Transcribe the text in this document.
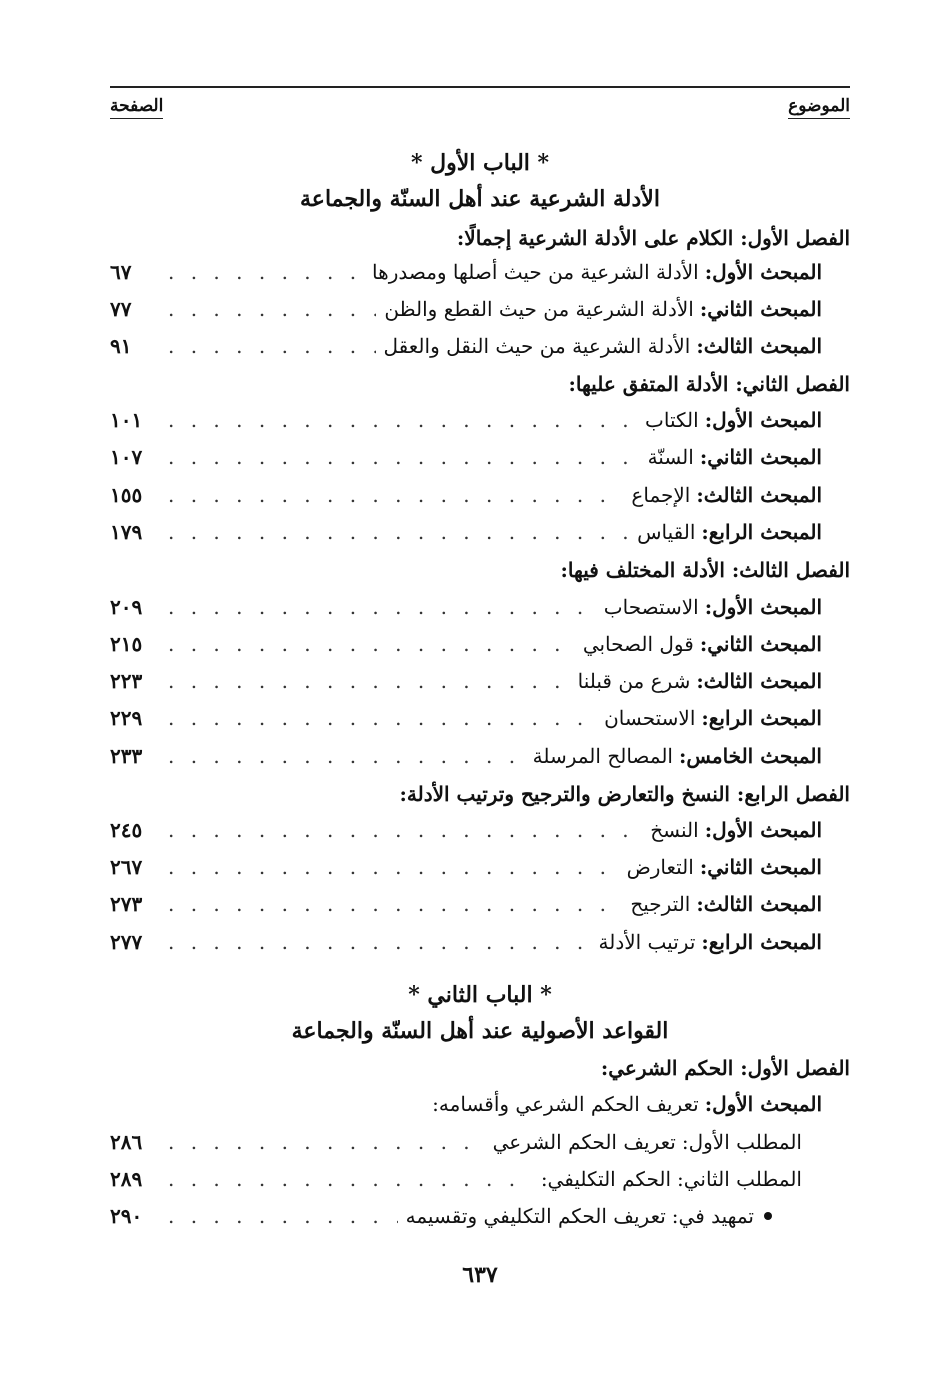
الموضوع
الصفحة
* الباب الأول *
الأدلة الشرعية عند أهل السنّة والجماعة
الفصل الأول: الكلام على الأدلة الشرعية إجمالًا:
المبحث الأول:
الأدلة الشرعية من حيث أصلها ومصدرها
. . .
٦٧
المبحث الثاني:
الأدلة الشرعية من حيث القطع والظن
. . .
٧٧
المبحث الثالث:
الأدلة الشرعية من حيث النقل والعقل
. . .
٩١
الفصل الثاني: الأدلة المتفق عليها:
المبحث الأول:
الكتاب
. . .
١٠١
المبحث الثاني:
السنّة
. . .
١٠٧
المبحث الثالث:
الإجماع
. . .
١٥٥
المبحث الرابع:
القياس
. . .
١٧٩
الفصل الثالث: الأدلة المختلف فيها:
المبحث الأول:
الاستصحاب
. . .
٢٠٩
المبحث الثاني:
قول الصحابي
. . .
٢١٥
المبحث الثالث:
شرع من قبلنا
. . .
٢٢٣
المبحث الرابع:
الاستحسان
. . .
٢٢٩
المبحث الخامس:
المصالح المرسلة
. . .
٢٣٣
الفصل الرابع: النسخ والتعارض والترجيح وترتيب الأدلة:
المبحث الأول:
النسخ
. . .
٢٤٥
المبحث الثاني:
التعارض
. . .
٢٦٧
المبحث الثالث:
الترجيح
. . .
٢٧٣
المبحث الرابع:
ترتيب الأدلة
. . .
٢٧٧
* الباب الثاني *
القواعد الأصولية عند أهل السنّة والجماعة
الفصل الأول: الحكم الشرعي:
المبحث الأول:
تعريف الحكم الشرعي وأقسامه:
المطلب الأول:
تعريف الحكم الشرعي
. . .
٢٨٦
المطلب الثاني:
الحكم التكليفي:
. . .
٢٨٩
تمهيد في:
تعريف الحكم التكليفي وتقسيمه
. . .
٢٩٠
٦٣٧
